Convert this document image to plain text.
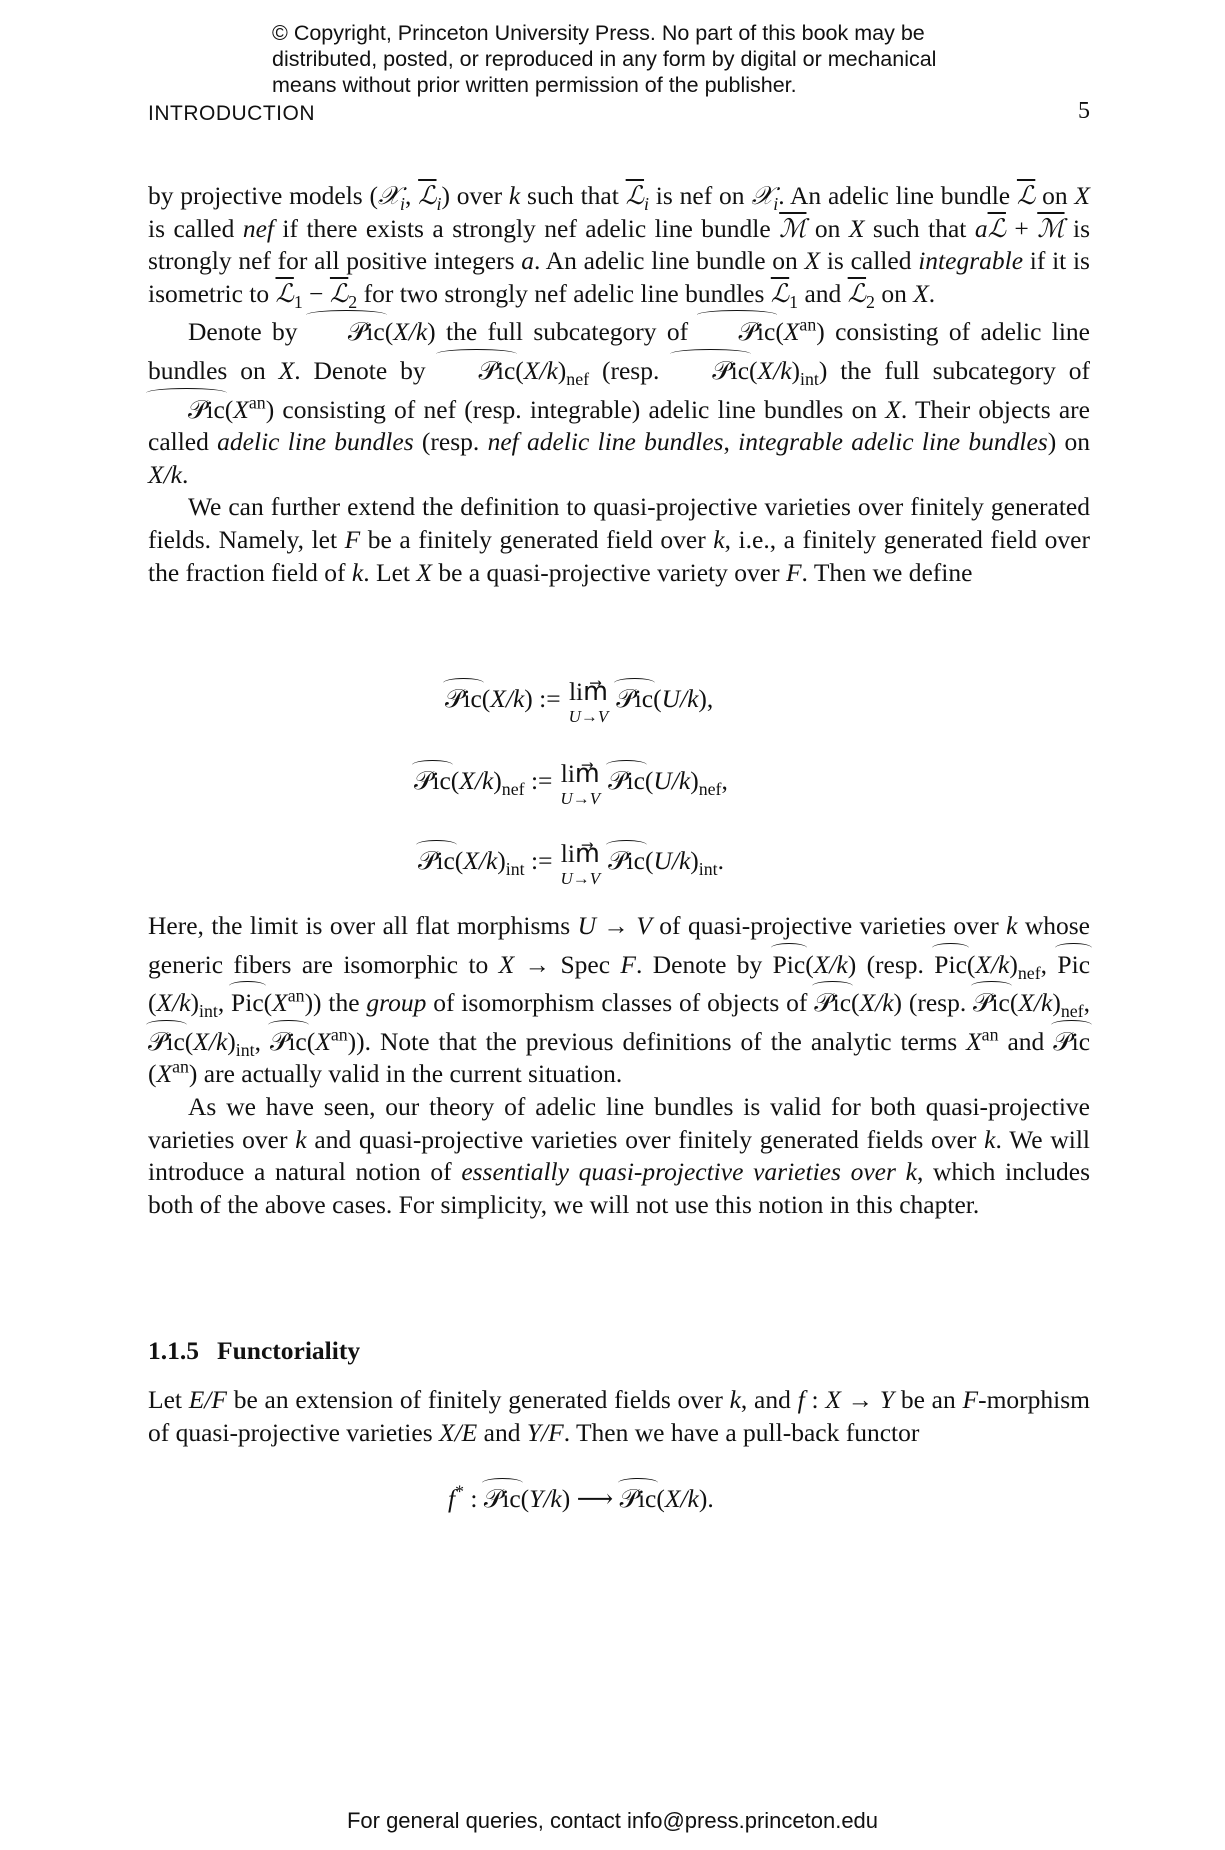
© Copyright, Princeton University Press. No part of this book may be
distributed, posted, or reproduced in any form by digital or mechanical
means without prior written permission of the publisher.
INTRODUCTION	5

by projective models (𝒳$_i$, ℒ$_i$) over k such that ℒ$_i$ is nef on 𝒳$_i$. An adelic line bundle ℒ on X is called nef if there exists a strongly nef adelic line bundle ℳ on X such that aℒ + ℳ is strongly nef for all positive integers a. An adelic line bundle on X is called integrable if it is isometric to ℒ$_1$ − ℒ$_2$ for two strongly nef adelic line bundles ℒ$_1$ and ℒ$_2$ on X.

Denote by 𝒫ic(X/k) the full subcategory of $𝒫ic(X^{an})$ consisting of adelic line bundles on X. Denote by $𝒫ic(X/k)_{nef}$ (resp. $𝒫ic(X/k)_{int}$) the full subcategory of $𝒫ic(X^{an})$ consisting of nef (resp. integrable) adelic line bundles on X. Their objects are called adelic line bundles (resp. nef adelic line bundles, integrable adelic line bundles) on X/k.

We can further extend the definition to quasi-projective varieties over finitely generated fields. Namely, let F be a finitely generated field over k, i.e., a finitely generated field over the fraction field of k. Let X be a quasi-projective variety over F. Then we define

𝒫ic(X/k) := lim⃗
U→V
𝒫ic(U/k),
$𝒫ic(X/k)_{nef}$ := lim⃗
U→V
$𝒫ic(U/k)_{nef}$,
$𝒫ic(X/k)_{int}$ := lim⃗
U→V
$𝒫ic(U/k)_{int}$.

Here, the limit is over all flat morphisms U → V of quasi-projective varieties over k whose generic fibers are isomorphic to X → Spec F. Denote by Pic(X/k) (resp. $Pic(X/k)_{nef}$, $Pic(X/k)_{int}$, $Pic(X^{an})$) the group of isomorphism classes of objects of 𝒫ic(X/k) (resp. $𝒫ic(X/k)_{nef}$, $𝒫ic(X/k)_{int}$, $𝒫ic(X^{an})$). Note that the previous definitions of the analytic terms $X^{an}$ and $𝒫ic(X^{an})$ are actually valid in the current situation.

As we have seen, our theory of adelic line bundles is valid for both quasi-projective varieties over k and quasi-projective varieties over finitely generated fields over k. We will introduce a natural notion of essentially quasi-projective varieties over k, which includes both of the above cases. For simplicity, we will not use this notion in this chapter.

1.1.5 Functoriality

Let E/F be an extension of finitely generated fields over k, and f : X → Y be an F-morphism of quasi-projective varieties X/E and Y/F. Then we have a pull-back functor

f* : 𝒫ic(Y/k) ⟶ 𝒫ic(X/k).
For general queries, contact info@press.princeton.edu
